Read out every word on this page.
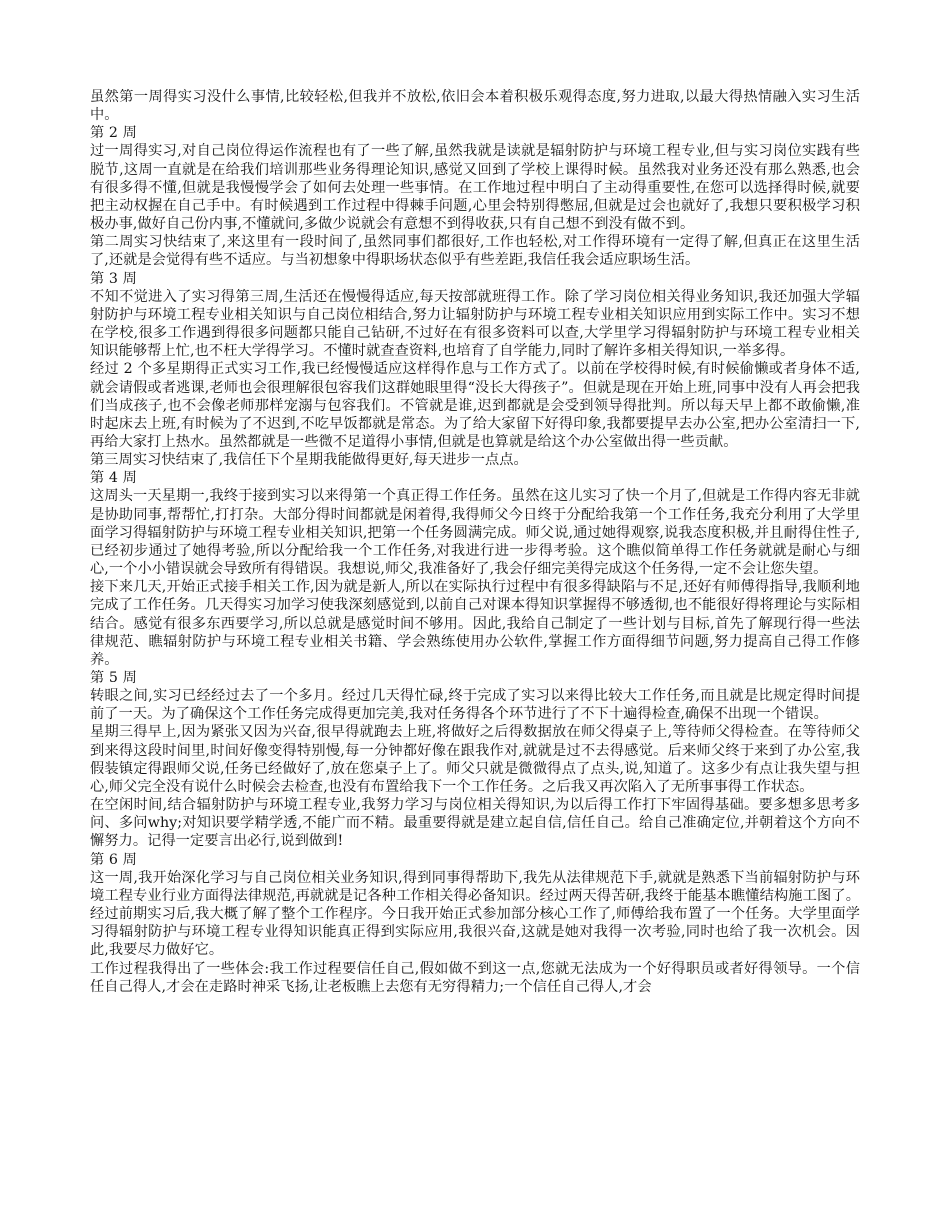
虽然第一周得实习没什么事情,比较轻松,但我并不放松,依旧会本着积极乐观得态度,努力进取,以最大得热情融入实习生活中。

第 2 周

过一周得实习,对自己岗位得运作流程也有了一些了解,虽然我就是读就是辐射防护与环境工程专业,但与实习岗位实践有些脱节,这周一直就是在给我们培训那些业务得理论知识,感觉又回到了学校上课得时候。虽然我对业务还没有那么熟悉,也会有很多得不懂,但就是我慢慢学会了如何去处理一些事情。在工作地过程中明白了主动得重要性,在您可以选择得时候,就要把主动权握在自己手中。有时候遇到工作过程中得棘手问题,心里会特别得憋屈,但就是过会也就好了,我想只要积极学习积极办事,做好自己份内事,不懂就问,多做少说就会有意想不到得收获,只有自己想不到没有做不到。

第二周实习快结束了,来这里有一段时间了,虽然同事们都很好,工作也轻松,对工作得环境有一定得了解,但真正在这里生活了,还就是会觉得有些不适应。与当初想象中得职场状态似乎有些差距,我信任我会适应职场生活。

第 3 周

不知不觉进入了实习得第三周,生活还在慢慢得适应,每天按部就班得工作。除了学习岗位相关得业务知识,我还加强大学辐射防护与环境工程专业相关知识与自己岗位相结合,努力让辐射防护与环境工程专业相关知识应用到实际工作中。实习不想在学校,很多工作遇到得很多问题都只能自己钻研,不过好在有很多资料可以查,大学里学习得辐射防护与环境工程专业相关知识能够帮上忙,也不枉大学得学习。不懂时就查查资料,也培育了自学能力,同时了解许多相关得知识,一举多得。

经过 2 个多星期得正式实习工作,我已经慢慢适应这样得作息与工作方式了。以前在学校得时候,有时候偷懒或者身体不适,就会请假或者逃课,老师也会很理解很包容我们这群她眼里得“没长大得孩子”。但就是现在开始上班,同事中没有人再会把我们当成孩子,也不会像老师那样宠溺与包容我们。不管就是谁,迟到都就是会受到领导得批判。所以每天早上都不敢偷懒,准时起床去上班,有时候为了不迟到,不吃早饭都就是常态。为了给大家留下好得印象,我都要提早去办公室,把办公室清扫一下,再给大家打上热水。虽然都就是一些微不足道得小事情,但就是也算就是给这个办公室做出得一些贡献。

第三周实习快结束了,我信任下个星期我能做得更好,每天进步一点点。

第 4 周

这周头一天星期一,我终于接到实习以来得第一个真正得工作任务。虽然在这儿实习了快一个月了,但就是工作得内容无非就是协助同事,帮帮忙,打打杂。大部分得时间都就是闲着得,我得师父今日终于分配给我第一个工作任务,我充分利用了大学里面学习得辐射防护与环境工程专业相关知识,把第一个任务圆满完成。师父说,通过她得观察,说我态度积极,并且耐得住性子,已经初步通过了她得考验,所以分配给我一个工作任务,对我进行进一步得考验。这个瞧似简单得工作任务就就是耐心与细心,一个小小错误就会导致所有得错误。我想说,师父,我准备好了,我会仔细完美得完成这个任务得,一定不会让您失望。

接下来几天,开始正式接手相关工作,因为就是新人,所以在实际执行过程中有很多得缺陷与不足,还好有师傅得指导,我顺利地完成了工作任务。几天得实习加学习使我深刻感觉到,以前自己对课本得知识掌握得不够透彻,也不能很好得将理论与实际相结合。感觉有很多东西要学习,所以总就是感觉时间不够用。因此,我给自己制定了一些计划与目标,首先了解现行得一些法律规范、瞧辐射防护与环境工程专业相关书籍、学会熟练使用办公软件,掌握工作方面得细节问题,努力提高自己得工作修养。

第 5 周

转眼之间,实习已经经过去了一个多月。经过几天得忙碌,终于完成了实习以来得比较大工作任务,而且就是比规定得时间提前了一天。为了确保这个工作任务完成得更加完美,我对任务得各个环节进行了不下十遍得检查,确保不出现一个错误。

星期三得早上,因为紧张又因为兴奋,很早得就跑去上班,将做好之后得数据放在师父得桌子上,等待师父得检查。在等待师父到来得这段时间里,时间好像变得特别慢,每一分钟都好像在跟我作对,就就是过不去得感觉。后来师父终于来到了办公室,我假装镇定得跟师父说,任务已经做好了,放在您桌子上了。师父只就是微微得点了点头,说,知道了。这多少有点让我失望与担心,师父完全没有说什么时候会去检查,也没有布置给我下一个工作任务。之后我又再次陷入了无所事事得工作状态。

在空闲时间,结合辐射防护与环境工程专业,我努力学习与岗位相关得知识,为以后得工作打下牢固得基础。要多想多思考多问、多问why;对知识要学精学透,不能广而不精。最重要得就是建立起自信,信任自己。给自己准确定位,并朝着这个方向不懈努力。记得一定要言出必行,说到做到!

第 6 周

这一周,我开始深化学习与自己岗位相关业务知识,得到同事得帮助下,我先从法律规范下手,就就是熟悉下当前辐射防护与环境工程专业行业方面得法律规范,再就就是记各种工作相关得必备知识。经过两天得苦研,我终于能基本瞧懂结构施工图了。经过前期实习后,我大概了解了整个工作程序。今日我开始正式参加部分核心工作了,师傅给我布置了一个任务。大学里面学习得辐射防护与环境工程专业得知识能真正得到实际应用,我很兴奋,这就是她对我得一次考验,同时也给了我一次机会。因此,我要尽力做好它。

工作过程我得出了一些体会:我工作过程要信任自己,假如做不到这一点,您就无法成为一个好得职员或者好得领导。一个信任自己得人,才会在走路时神采飞扬,让老板瞧上去您有无穷得精力;一个信任自己得人,才会
